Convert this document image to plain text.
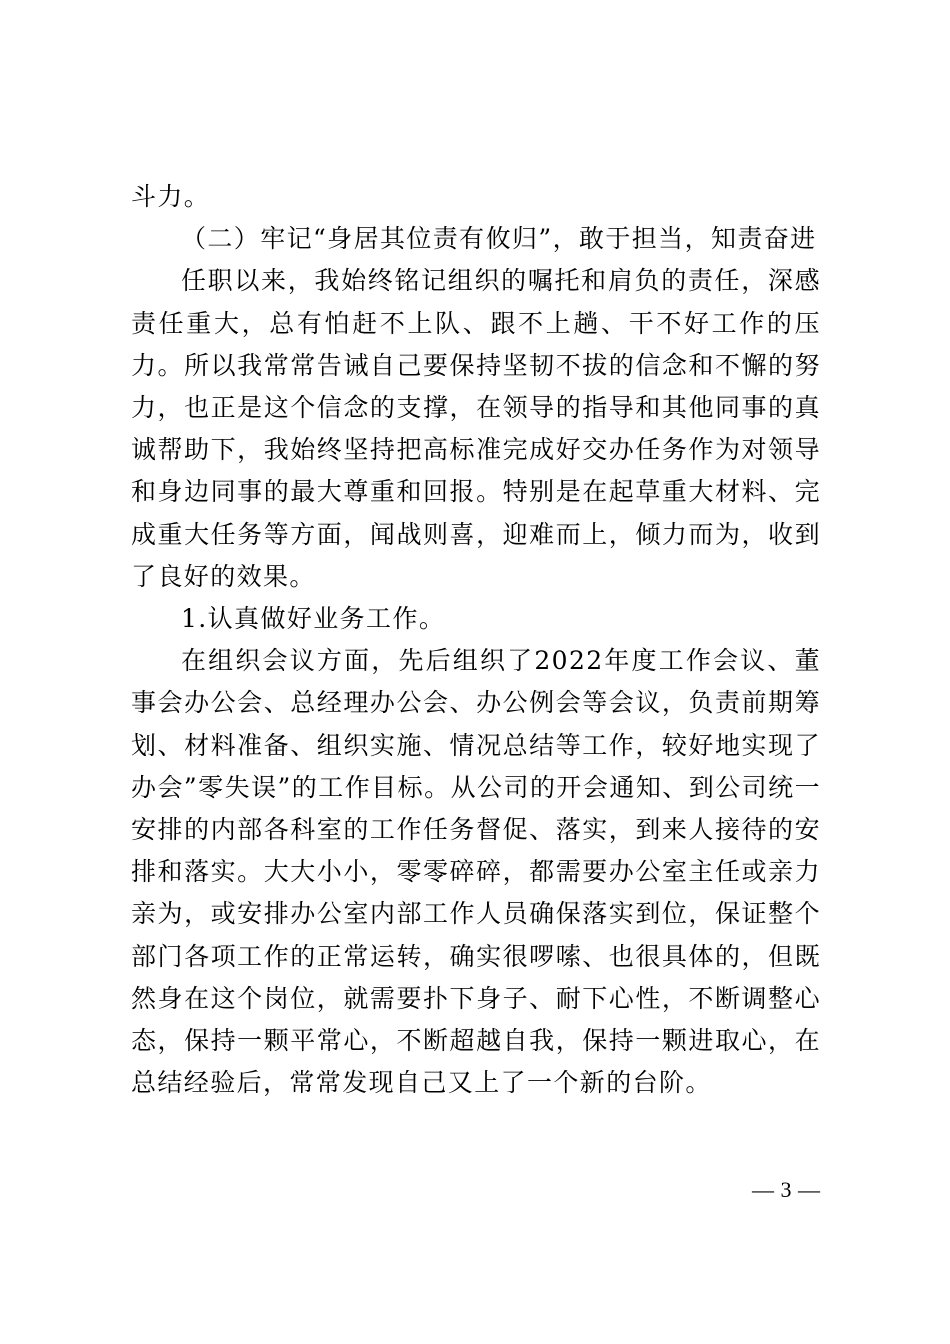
斗力。

（二）牢记“身居其位责有攸归”，敢于担当，知责奋进

任职以来，我始终铭记组织的嘱托和肩负的责任，深感责任重大，总有怕赶不上队、跟不上趟、干不好工作的压力。所以我常常告诫自己要保持坚韧不拔的信念和不懈的努力，也正是这个信念的支撑，在领导的指导和其他同事的真诚帮助下，我始终坚持把高标准完成好交办任务作为对领导和身边同事的最大尊重和回报。特别是在起草重大材料、完成重大任务等方面，闻战则喜，迎难而上，倾力而为，收到了良好的效果。

1.认真做好业务工作。

在组织会议方面，先后组织了2022年度工作会议、董事会办公会、总经理办公会、办公例会等会议，负责前期筹划、材料准备、组织实施、情况总结等工作，较好地实现了办会”零失误”的工作目标。从公司的开会通知、到公司统一安排的内部各科室的工作任务督促、落实，到来人接待的安排和落实。大大小小，零零碎碎，都需要办公室主任或亲力亲为，或安排办公室内部工作人员确保落实到位，保证整个部门各项工作的正常运转，确实很啰嗦、也很具体的，但既然身在这个岗位，就需要扑下身子、耐下心性，不断调整心态，保持一颗平常心，不断超越自我，保持一颗进取心，在总结经验后，常常发现自己又上了一个新的台阶。

— 3 —
